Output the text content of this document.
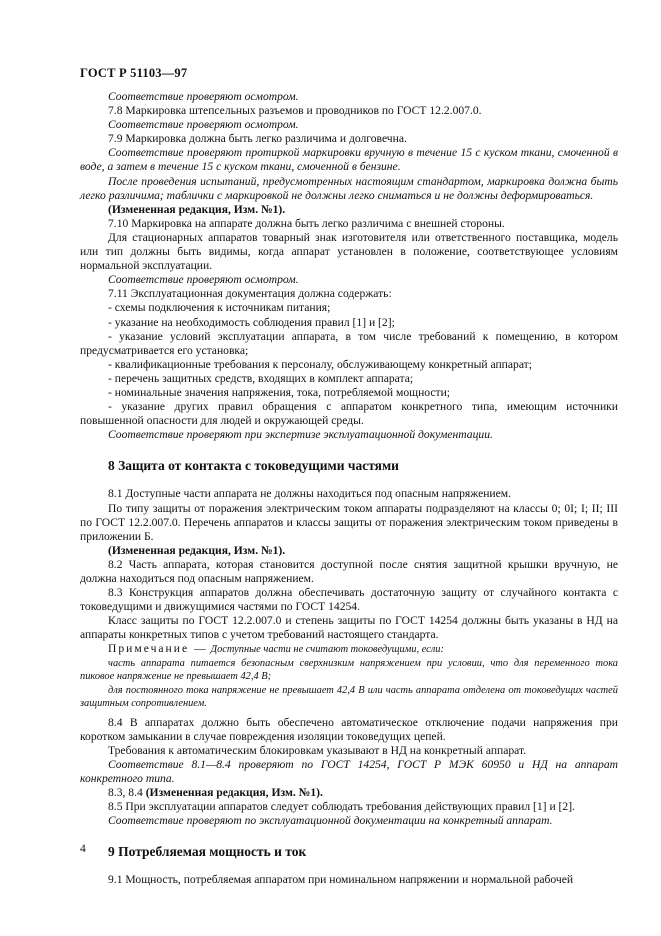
ГОСТ Р 51103—97

Соответствие проверяют осмотром.

7.8 Маркировка штепсельных разъемов и проводников по ГОСТ 12.2.007.0.

Соответствие проверяют осмотром.

7.9 Маркировка должна быть легко различима и долговечна.

Соответствие проверяют протиркой маркировки вручную в течение 15 с куском ткани, смоченной в воде, а затем в течение 15 с куском ткани, смоченной в бензине.

После проведения испытаний, предусмотренных настоящим стандартом, маркировка должна быть легко различима; таблички с маркировкой не должны легко сниматься и не должны деформироваться.

(Измененная редакция, Изм. №1).

7.10 Маркировка на аппарате должна быть легко различима с внешней стороны.

Для стационарных аппаратов товарный знак изготовителя или ответственного поставщика, модель или тип должны быть видимы, когда аппарат установлен в положение, соответствующее условиям нормальной эксплуатации.

Соответствие проверяют осмотром.

7.11 Эксплуатационная документация должна содержать:

- схемы подключения к источникам питания;

- указание на необходимость соблюдения правил [1] и [2];

- указание условий эксплуатации аппарата, в том числе требований к помещению, в котором предусматривается его установка;

- квалификационные требования к персоналу, обслуживающему конкретный аппарат;

- перечень защитных средств, входящих в комплект аппарата;

- номинальные значения напряжения, тока, потребляемой мощности;

- указание других правил обращения с аппаратом конкретного типа, имеющим источники повышенной опасности для людей и окружающей среды.

Соответствие проверяют при экспертизе эксплуатационной документации.

8 Защита от контакта с токоведущими частями

8.1 Доступные части аппарата не должны находиться под опасным напряжением.

По типу защиты от поражения электрическим током аппараты подразделяют на классы 0; 0I; I; II; III по ГОСТ 12.2.007.0. Перечень аппаратов и классы защиты от поражения электрическим током приведены в приложении Б.

(Измененная редакция, Изм. №1).

8.2 Часть аппарата, которая становится доступной после снятия защитной крышки вручную, не должна находиться под опасным напряжением.

8.3 Конструкция аппаратов должна обеспечивать достаточную защиту от случайного контакта с токоведущими и движущимися частями по ГОСТ 14254.

Класс защиты по ГОСТ 12.2.007.0 и степень защиты по ГОСТ 14254 должны быть указаны в НД на аппараты конкретных типов с учетом требований настоящего стандарта.

Примечание — Доступные части не считают токоведущими, если:

часть аппарата питается безопасным сверхнизким напряжением при условии, что для переменного тока пиковое напряжение не превышает 42,4 В;

для постоянного тока напряжение не превышает 42,4 В или часть аппарата отделена от токоведущих частей защитным сопротивлением.

8.4 В аппаратах должно быть обеспечено автоматическое отключение подачи напряжения при коротком замыкании в случае повреждения изоляции токоведущих цепей.

Требования к автоматическим блокировкам указывают в НД на конкретный аппарат.

Соответствие 8.1—8.4 проверяют по ГОСТ 14254, ГОСТ Р МЭК 60950 и НД на аппарат конкретного типа.

8.3, 8.4 (Измененная редакция, Изм. №1).

8.5 При эксплуатации аппаратов следует соблюдать требования действующих правил [1] и [2].

Соответствие проверяют по эксплуатационной документации на конкретный аппарат.

9 Потребляемая мощность и ток

9.1 Мощность, потребляемая аппаратом при номинальном напряжении и нормальной рабочей

4
